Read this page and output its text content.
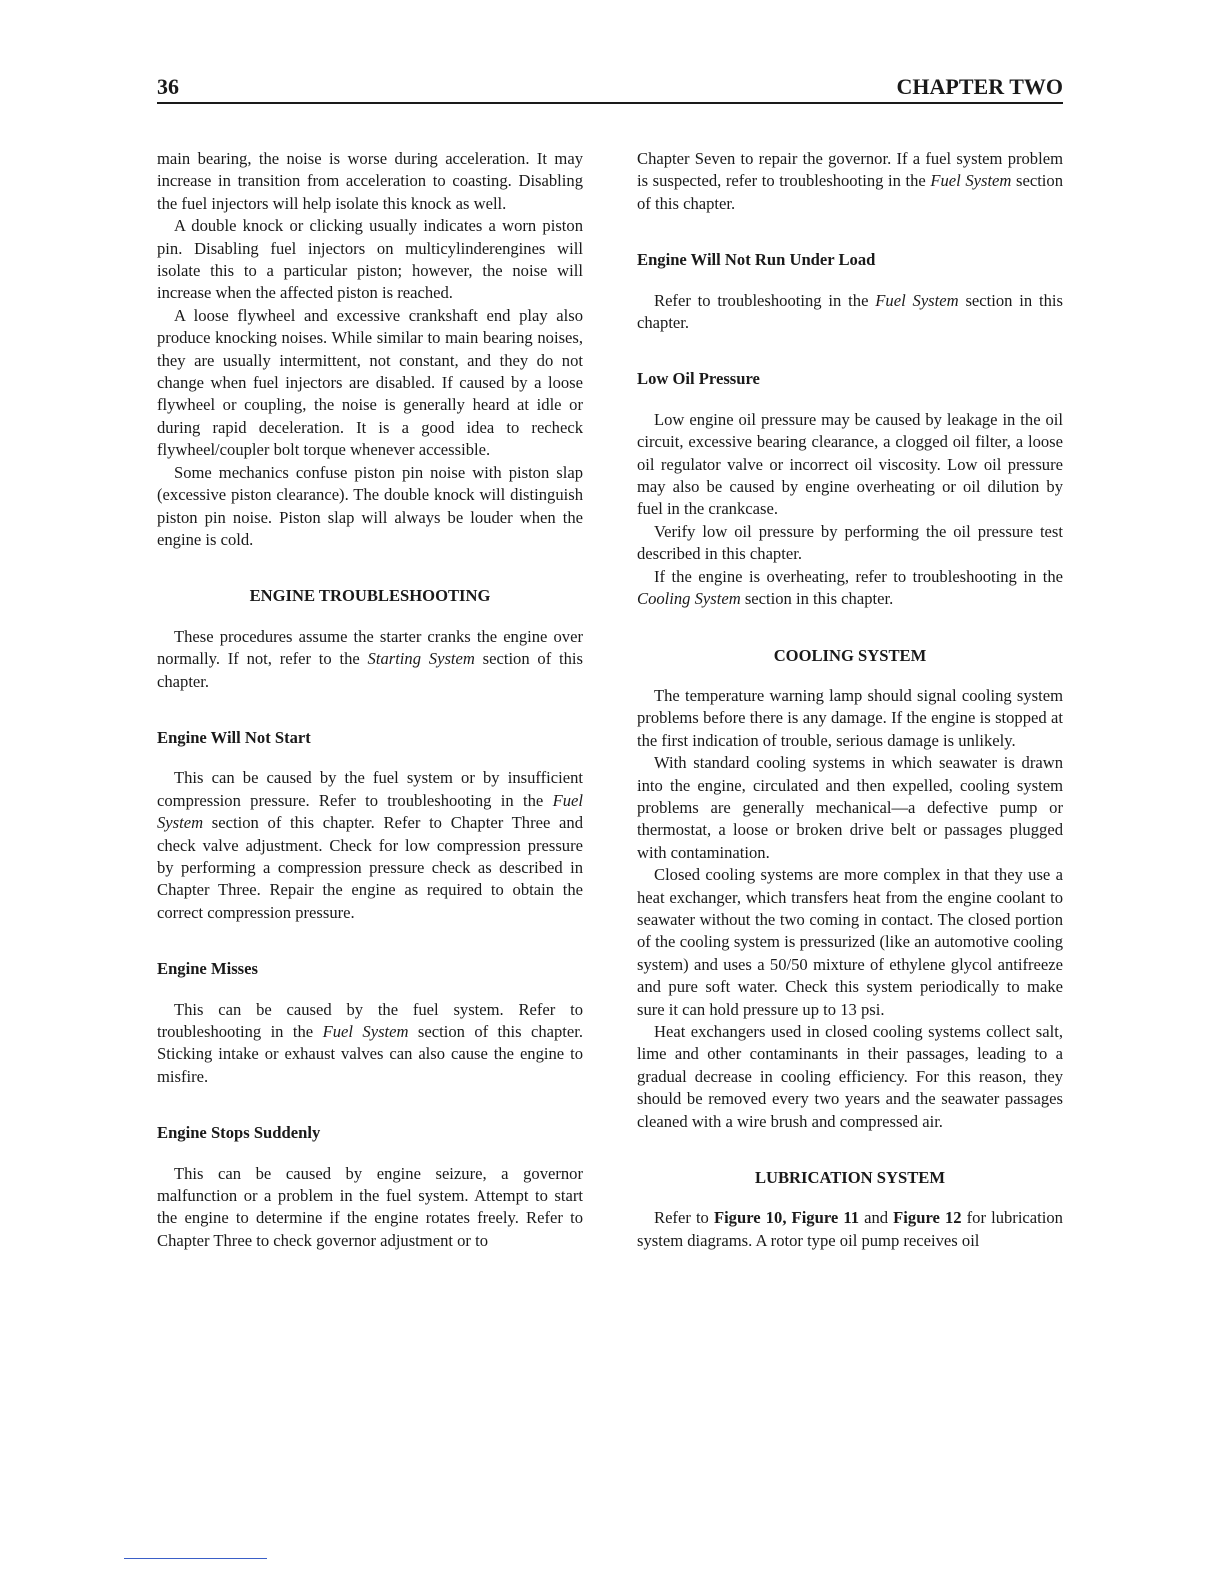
36	CHAPTER TWO

main bearing, the noise is worse during acceleration. It may increase in transition from acceleration to coasting. Disabling the fuel injectors will help isolate this knock as well.

A double knock or clicking usually indicates a worn piston pin. Disabling fuel injectors on multicylinderengines will isolate this to a particular piston; however, the noise will increase when the affected piston is reached.

A loose flywheel and excessive crankshaft end play also produce knocking noises. While similar to main bearing noises, they are usually intermittent, not constant, and they do not change when fuel injectors are disabled. If caused by a loose flywheel or coupling, the noise is generally heard at idle or during rapid deceleration. It is a good idea to recheck flywheel/coupler bolt torque whenever accessible.

Some mechanics confuse piston pin noise with piston slap (excessive piston clearance). The double knock will distinguish piston pin noise. Piston slap will always be louder when the engine is cold.

ENGINE TROUBLESHOOTING

These procedures assume the starter cranks the engine over normally. If not, refer to the Starting System section of this chapter.

Engine Will Not Start

This can be caused by the fuel system or by insufficient compression pressure. Refer to troubleshooting in the Fuel System section of this chapter. Refer to Chapter Three and check valve adjustment. Check for low compression pressure by performing a compression pressure check as described in Chapter Three. Repair the engine as required to obtain the correct compression pressure.

Engine Misses

This can be caused by the fuel system. Refer to troubleshooting in the Fuel System section of this chapter. Sticking intake or exhaust valves can also cause the engine to misfire.

Engine Stops Suddenly

This can be caused by engine seizure, a governor malfunction or a problem in the fuel system. Attempt to start the engine to determine if the engine rotates freely. Refer to Chapter Three to check governor adjustment or to

Chapter Seven to repair the governor. If a fuel system problem is suspected, refer to troubleshooting in the Fuel System section of this chapter.

Engine Will Not Run Under Load

Refer to troubleshooting in the Fuel System section in this chapter.

Low Oil Pressure

Low engine oil pressure may be caused by leakage in the oil circuit, excessive bearing clearance, a clogged oil filter, a loose oil regulator valve or incorrect oil viscosity. Low oil pressure may also be caused by engine overheating or oil dilution by fuel in the crankcase.

Verify low oil pressure by performing the oil pressure test described in this chapter.

If the engine is overheating, refer to troubleshooting in the Cooling System section in this chapter.

COOLING SYSTEM

The temperature warning lamp should signal cooling system problems before there is any damage. If the engine is stopped at the first indication of trouble, serious damage is unlikely.

With standard cooling systems in which seawater is drawn into the engine, circulated and then expelled, cooling system problems are generally mechanical—a defective pump or thermostat, a loose or broken drive belt or passages plugged with contamination.

Closed cooling systems are more complex in that they use a heat exchanger, which transfers heat from the engine coolant to seawater without the two coming in contact. The closed portion of the cooling system is pressurized (like an automotive cooling system) and uses a 50/50 mixture of ethylene glycol antifreeze and pure soft water. Check this system periodically to make sure it can hold pressure up to 13 psi.

Heat exchangers used in closed cooling systems collect salt, lime and other contaminants in their passages, leading to a gradual decrease in cooling efficiency. For this reason, they should be removed every two years and the seawater passages cleaned with a wire brush and compressed air.

LUBRICATION SYSTEM

Refer to Figure 10, Figure 11 and Figure 12 for lubrication system diagrams. A rotor type oil pump receives oil
